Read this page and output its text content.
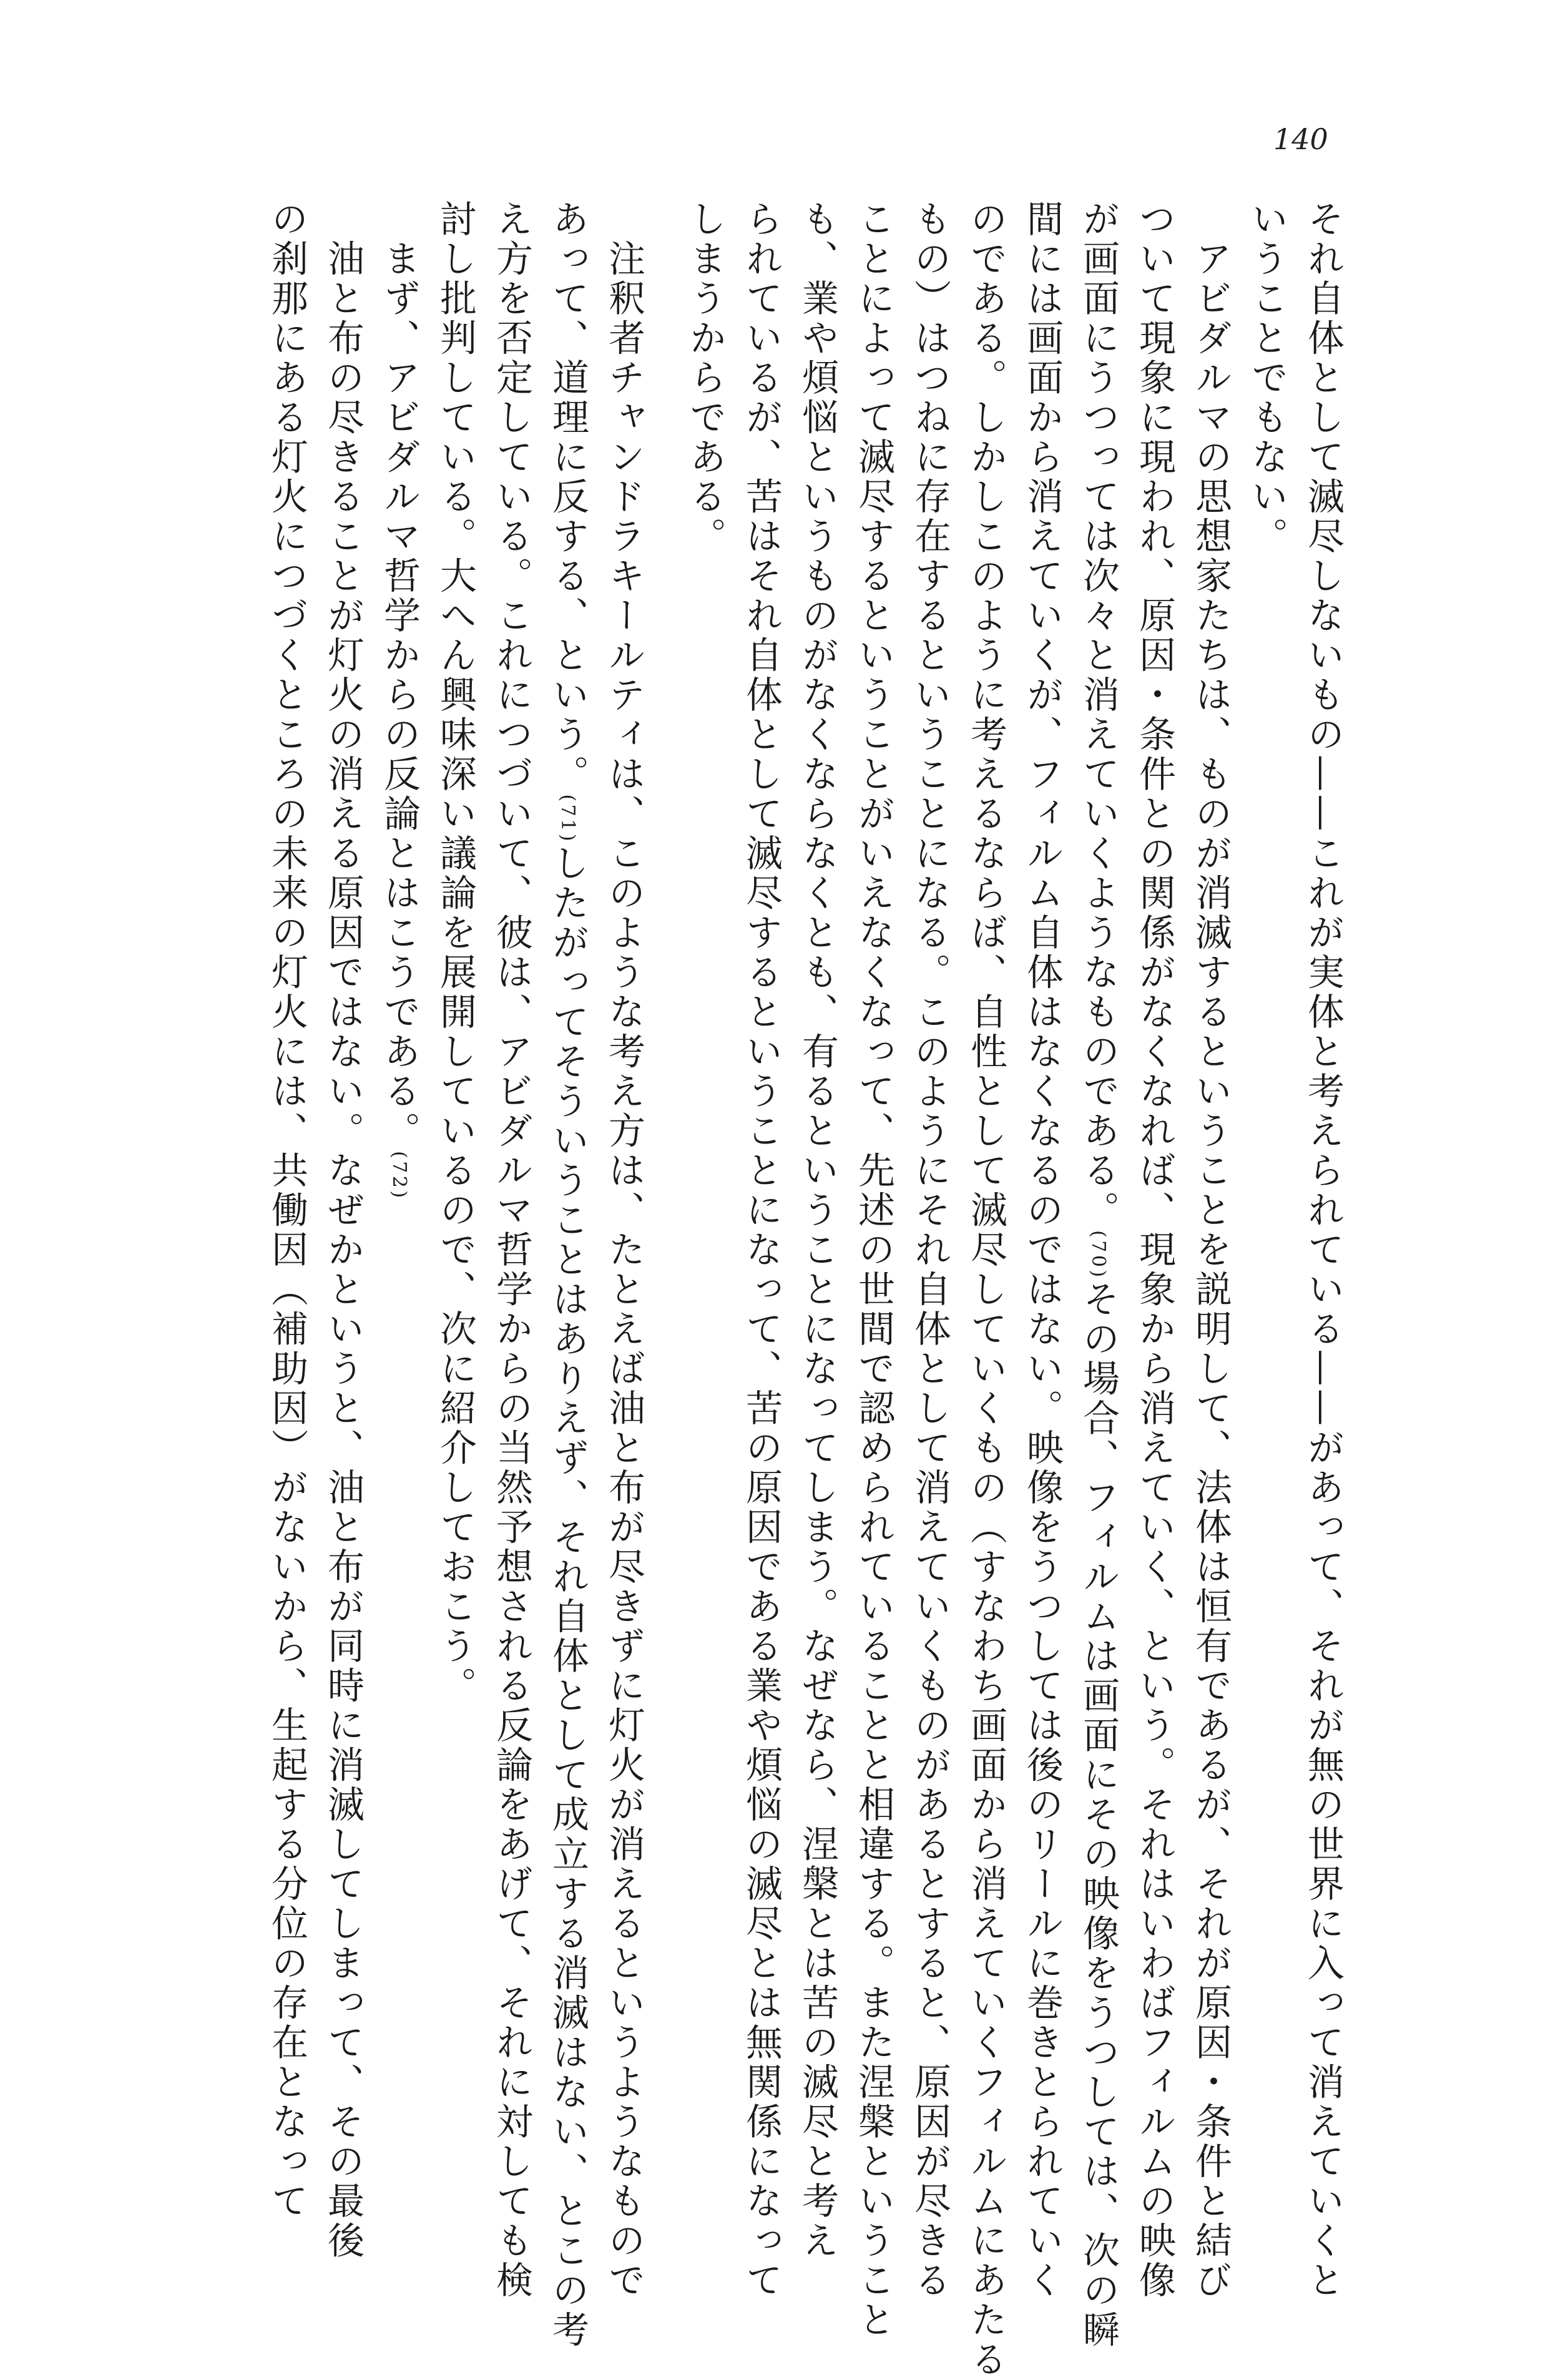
140
それ自体として滅尽しないもの——これが実体と考えられている——があって、それが無の世界に入って消えていくと
いうことでもない。
　アビダルマの思想家たちは、ものが消滅するということを説明して、法体は恒有であるが、それが原因・条件と結び
ついて現象に現われ、原因・条件との関係がなくなれば、現象から消えていく、という。それはいわばフィルムの映像
が画面にうつっては次々と消えていくようなものである。(70)その場合、フィルムは画面にその映像をうつしては、次の瞬
間には画面から消えていくが、フィルム自体はなくなるのではない。映像をうつしては後のリールに巻きとられていく
のである。しかしこのように考えるならば、自性として滅尽していくもの（すなわち画面から消えていくフィルムにあたる
もの）はつねに存在するということになる。このようにそれ自体として消えていくものがあるとすると、原因が尽きる
ことによって滅尽するということがいえなくなって、先述の世間で認められていることと相違する。また涅槃ということ
も、業や煩悩というものがなくならなくとも、有るということになってしまう。なぜなら、涅槃とは苦の滅尽と考え
られているが、苦はそれ自体として滅尽するということになって、苦の原因である業や煩悩の滅尽とは無関係になって
しまうからである。
　注釈者チャンドラキールティは、このような考え方は、たとえば油と布が尽きずに灯火が消えるというようなもので
あって、道理に反する、という。(71)したがってそういうことはありえず、それ自体として成立する消滅はない、とこの考
え方を否定している。これにつづいて、彼は、アビダルマ哲学からの当然予想される反論をあげて、それに対しても検
討し批判している。大へん興味深い議論を展開しているので、次に紹介しておこう。
　まず、アビダルマ哲学からの反論とはこうである。(72)
　油と布の尽きることが灯火の消える原因ではない。なぜかというと、油と布が同時に消滅してしまって、その最後
の刹那にある灯火につづくところの未来の灯火には、共働因（補助因）がないから、生起する分位の存在となって
